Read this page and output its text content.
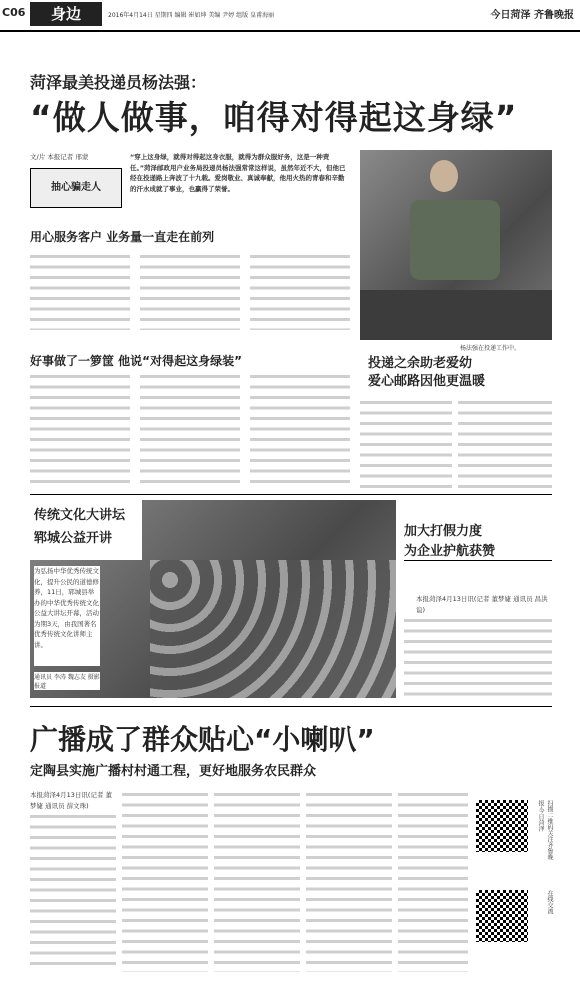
C06	身边	2016年4月14日 星期四 编辑 崔如坤 美编 尹婷 组版 皇甫海丽	今日菏泽 齐鲁晚报
菏泽最美投递员杨法强：
“做人做事，咱得对得起这身绿”
文/片 本报记者 邢蒙
抽心骗走人
“穿上这身绿，就得对得起这身衣服，就得为群众服好务，这是一种责任。”菏泽邮政用户业务局投递员杨法强常常这样说，虽然年近不大，但他已经在投递路上奔波了十九载。爱岗敬业、真诚奉献，他用火热的青春和辛勤的汗水成就了事业，也赢得了荣誉。
杨法强在投递工作中。
用心服务客户 业务量一直走在前列
好事做了一箩筐 他说“对得起这身绿装”	投递之余助老爱幼
爱心邮路因他更温暖
传统文化大讲坛
郓城公益开讲
为弘扬中华优秀传统文化，提升公民的道德修养，11日，郓城县举办的中华优秀传统文化公益大讲坛开幕，活动为期3天，由我国著名优秀传统文化讲师主讲。
通讯员 李涛 魏志友 摄影报道
加大打假力度
为企业护航获赞
本报菏泽4月13日讯(记者 董梦婕 通讯员 昌洪谊)
广播成了群众贴心“小喇叭”
定陶县实施广播村村通工程，更好地服务农民群众
本报菏泽4月13日讯(记者 董梦婕 通讯员 薛文珠)	扫描二维码关注齐鲁晚报·今日菏泽
在线交流
